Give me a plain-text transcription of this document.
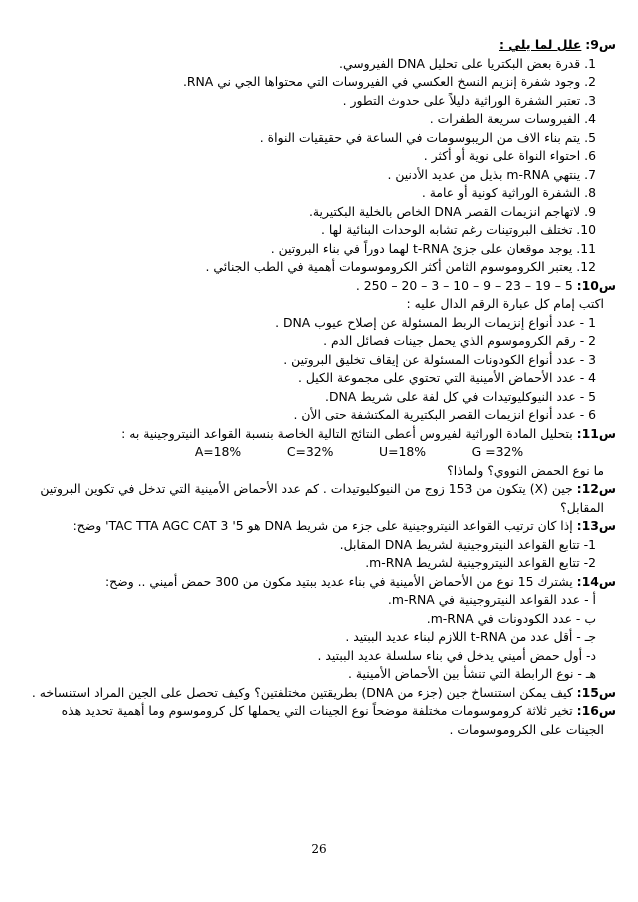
س9: علل لما يلي :
1. قدرة بعض البكتريا على تحليل DNA الفيروسي.
2. وجود شفرة إنزيم النسخ العكسي في الفيروسات التي محتواها الجي ني RNA.
3. تعتبر الشفرة الوراثية دليلاً على حدوث التطور .
4. الفيروسات سريعة الطفرات .
5. يتم بناء الاف من الريبوسومات في الساعة في حقيقيات النواة .
6. احتواء النواة على نوية أو أكثر .
7. ينتهي m-RNA بذيل من عديد الأدنين .
8. الشفرة الوراثية كونية أو عامة .
9. لاتهاجم انزيمات القصر DNA الخاص بالخلية البكتيرية.
10. تختلف البروتينات رغم تشابه الوحدات البنائية لها .
11. يوجد موقعان على جزئ t-RNA لهما دوراً في بناء البروتين .
12. يعتبر الكروموسوم الثامن أكثر الكروموسومات أهمية في الطب الجنائي .
س10: 5 – 19 – 23 – 9 – 10 – 3 – 20 – 250 .
اكتب إمام كل عبارة الرقم الدال عليه :
1 - عدد أنواع إنزيمات الربط المسئولة عن إصلاح عيوب DNA .
2 - رقم الكروموسوم الذي يحمل جينات فصائل الدم .
3 - عدد أنواع الكودونات المسئولة عن إيقاف تخليق البروتين .
4 - عدد الأحماض الأمينية التي تحتوي على مجموعة الكيل .
5 - عدد النيوكليوتيدات في كل لفة على شريط DNA.
6 - عدد أنواع انزيمات القصر البكتيرية المكتشفة حتى الأن .
س11: بتحليل المادة الوراثية لفيروس أعطى النتائج التالية الخاصة بنسبة القواعد النيتروجينية به :
A=18%	C=32%	U=18%	G =32%
ما نوع الحمض النووي؟ ولماذا؟
س12: جين (X) يتكون من 153 زوج من النيوكليوتيدات . كم عدد الأحماض الأمينية التي تدخل في تكوين البروتين
المقابل؟
س13: إذا كان ترتيب القواعد النيتروجينية على جزء من شريط DNA هو 5' TAC TTA AGC CAT 3' وضح:
1- تتابع القواعد النيتروجينية لشريط DNA المقابل.
2- تتابع القواعد النيتروجينية لشريط m-RNA.
س14: يشترك 15 نوع من الأحماض الأمينية في بناء عديد ببتيد مكون من 300 حمض أميني .. وضح:
أ - عدد القواعد النيتروجينية في m-RNA.
ب - عدد الكودونات في m-RNA.
جـ - أقل عدد من t-RNA اللازم لبناء عديد الببتيد .
د- أول حمض أميني يدخل في بناء سلسلة عديد الببتيد .
هـ - نوع الرابطة التي تنشأ بين الأحماض الأمينية .
س15: كيف يمكن استنساخ جين (جزء من DNA) بطريقتين مختلفتين؟ وكيف تحصل على الجين المراد استنساخه .
س16: تخير ثلاثة كروموسومات مختلفة موضحاً نوع الجينات التي يحملها كل كروموسوم وما أهمية تحديد هذه
الجينات على الكروموسومات .
26
